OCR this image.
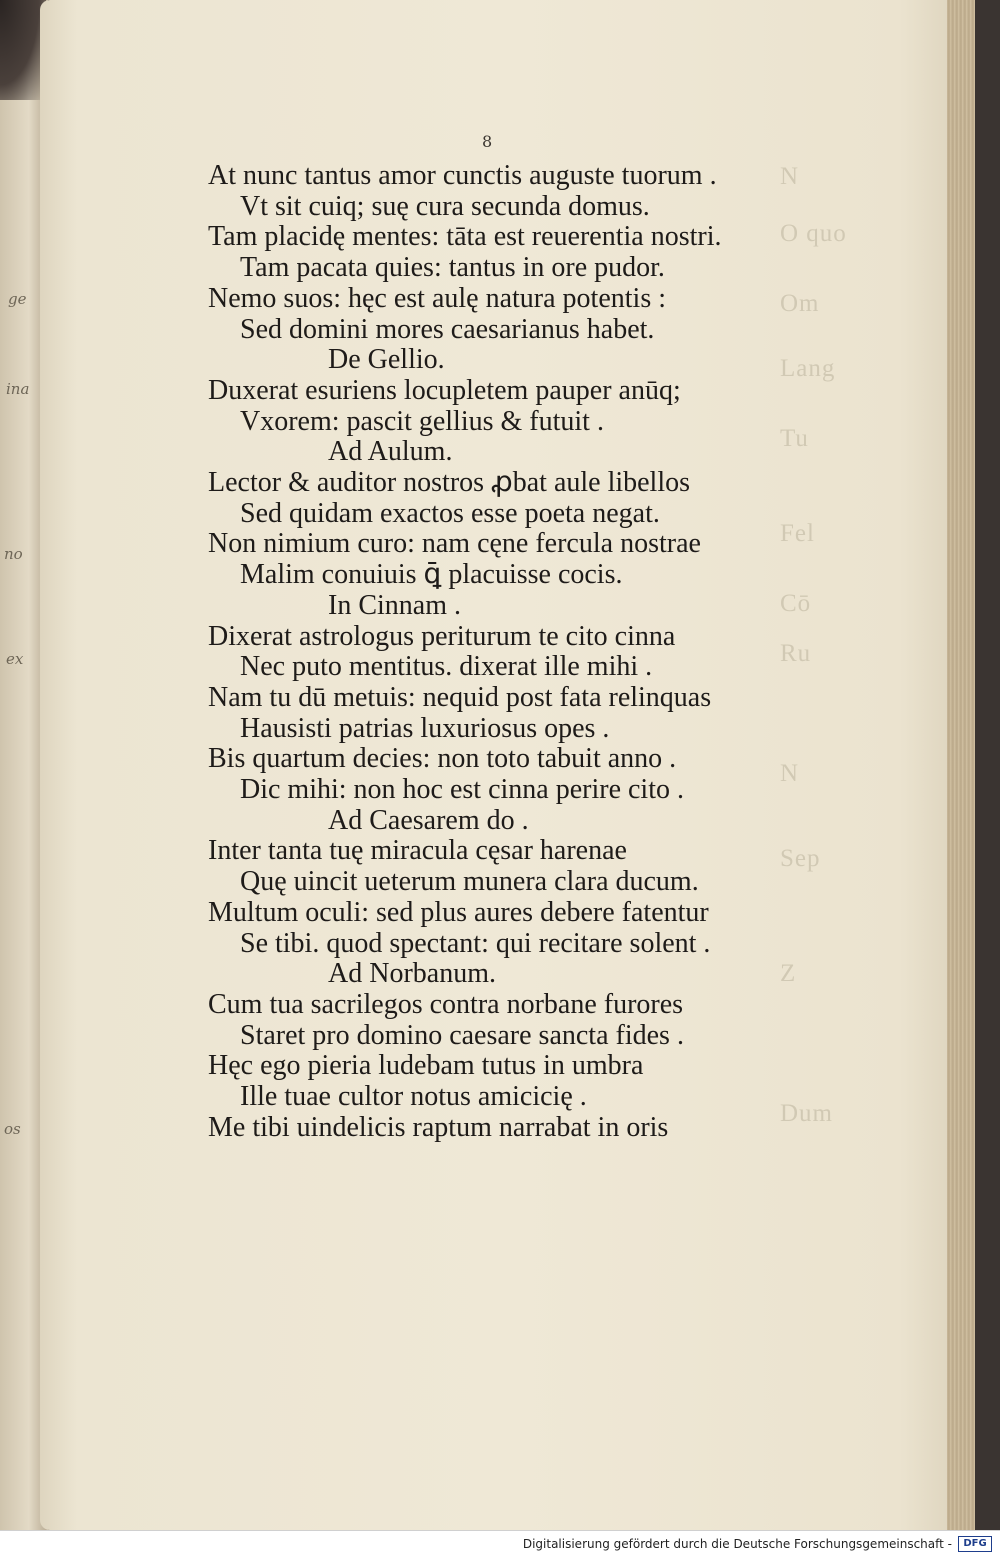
ge
ina
no
ex
os
N
O quo
Om
Lang
Tu
Fel
Cō
Ru
N
Sep
Z
Dum
8
At nunc tantus amor cunctis auguste tuorum .
Vt sit cuiq; suę cura secunda domus.
Tam placidę mentes: tāta est reuerentia nostri.
Tam pacata quies: tantus in ore pudor.
Nemo suos: hęc est aulę natura potentis :
Sed domini mores caesarianus habet.
De Gellio.
Duxerat esuriens locupletem pauper anūq;
Vxorem: pascit gellius & futuit .
Ad Aulum.
Lector & auditor nostros ꝓbat aule libellos
Sed quidam exactos esse poeta negat.
Non nimium curo: nam cęne fercula nostrae
Malim conuiuis ꝗ̄ placuisse cocis.
In Cinnam .
Dixerat astrologus periturum te cito cinna
Nec puto mentitus. dixerat ille mihi .
Nam tu dū metuis: nequid post fata relinquas
Hausisti patrias luxuriosus opes .
Bis quartum decies: non toto tabuit anno .
Dic mihi: non hoc est cinna perire cito .
Ad Caesarem do .
Inter tanta tuę miracula cęsar harenae
Quę uincit ueterum munera clara ducum.
Multum oculi: sed plus aures debere fatentur
Se tibi. quod spectant: qui recitare solent .
Ad Norbanum.
Cum tua sacrilegos contra norbane furores
Staret pro domino caesare sancta fides .
Hęc ego pieria ludebam tutus in umbra
Ille tuae cultor notus amicicię .
Me tibi uindelicis raptum narrabat in oris
Digitalisierung gefördert durch die Deutsche Forschungsgemeinschaft -	DFG
